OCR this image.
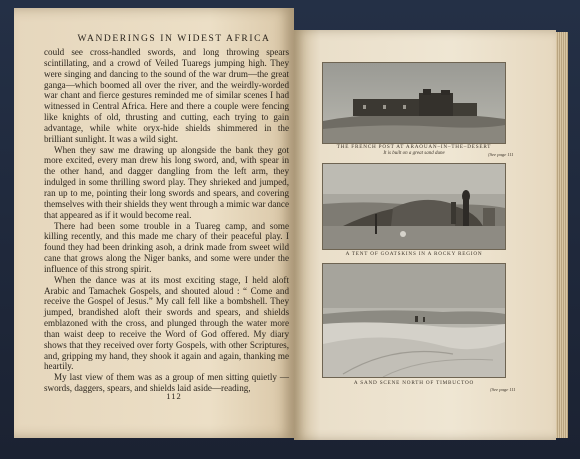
WANDERINGS IN WIDEST AFRICA

could see cross-handled swords, and long throwing spears scintillating, and a crowd of Veiled Tuaregs jumping high. They were singing and dancing to the sound of the war drum—the great ganga—which boomed all over the river, and the weirdly-worded war chant and fierce gestures reminded me of similar scenes I had witnessed in Central Africa. Here and there a couple were fencing like knights of old, thrusting and cutting, each trying to gain advantage, while white oryx-hide shields shimmered in the brilliant sunlight. It was a wild sight.

When they saw me drawing up alongside the bank they got more excited, every man drew his long sword, and, with spear in the other hand, and dagger dangling from the left arm, they indulged in some thrilling sword play. They shrieked and jumped, ran up to me, pointing their long swords and spears, and covering themselves with their shields they went through a mimic war dance that appeared as if it would become real.

There had been some trouble in a Tuareg camp, and some killing recently, and this made me chary of their peaceful play. I found they had been drinking asoh, a drink made from sweet wild cane that grows along the Niger banks, and some were under the influence of this strong spirit.

When the dance was at its most exciting stage, I held aloft Arabic and Tamachek Gospels, and shouted aloud : “ Come and receive the Gospel of Jesus.” My call fell like a bombshell. They jumped, brandished aloft their swords and spears, and shields emblazoned with the cross, and plunged through the water more than waist deep to receive the Word of God offered. My diary shows that they received over forty Gospels, with other Scriptures, and, gripping my hand, they shook it again and again, thanking me heartily.

My last view of them was as a group of men sitting quietly —swords, daggers, spears, and shields laid aside—reading,

112
THE FRENCH POST AT ARAOUAN–IN–THE–DESERT
It is built on a great sand dune	[See page 111
A TENT OF GOATSKINS IN A ROCKY REGION
A SAND SCENE NORTH OF TIMBUCTOO
[See page 111
